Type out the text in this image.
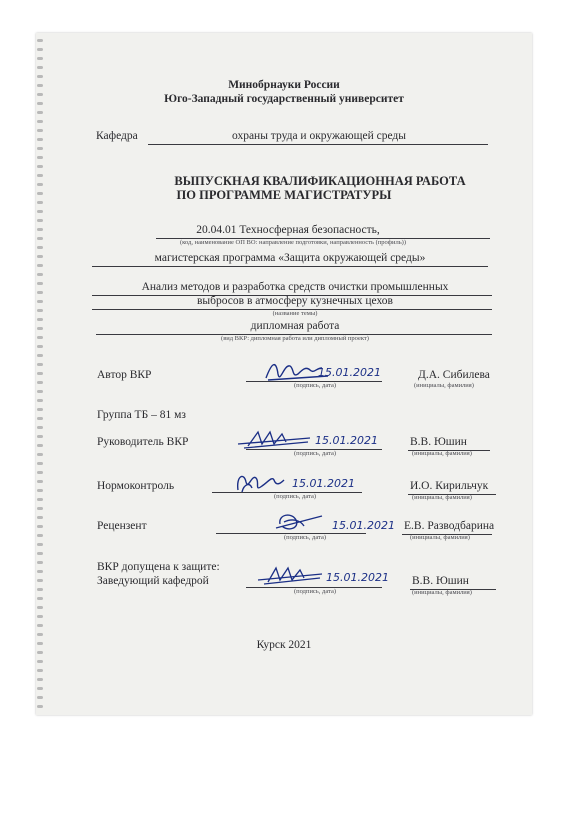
Минобрнауки России
Юго-Западный государственный университет
Кафедра	охраны труда и окружающей среды
ВЫПУСКНАЯ КВАЛИФИКАЦИОННАЯ РАБОТА
ПО ПРОГРАММЕ МАГИСТРАТУРЫ
20.04.01 Техносферная безопасность,
(код, наименование ОП ВО: направление подготовки, направленность (профиль))
магистерская программа «Защита окружающей среды»
Анализ методов и разработка средств очистки промышленных
выбросов в атмосферу кузнечных цехов
(название темы)
дипломная работа
(вид ВКР: дипломная работа или дипломный проект)
Автор ВКР	15.01.2021
(подпись, дата)
Д.А. Сибилева
(инициалы, фамилия)
Группа ТБ – 81 мз
Руководитель ВКР	15.01.2021
(подпись, дата)
В.В. Юшин
(инициалы, фамилия)
Нормоконтроль	15.01.2021
(подпись, дата)
И.О. Кирильчук
(инициалы, фамилия)
Рецензент	15.01.2021
(подпись, дата)
Е.В. Разводбарина
(инициалы, фамилия)
ВКР допущена к защите:
Заведующий кафедрой	15.01.2021
(подпись, дата)
В.В. Юшин
(инициалы, фамилия)
Курск 2021
